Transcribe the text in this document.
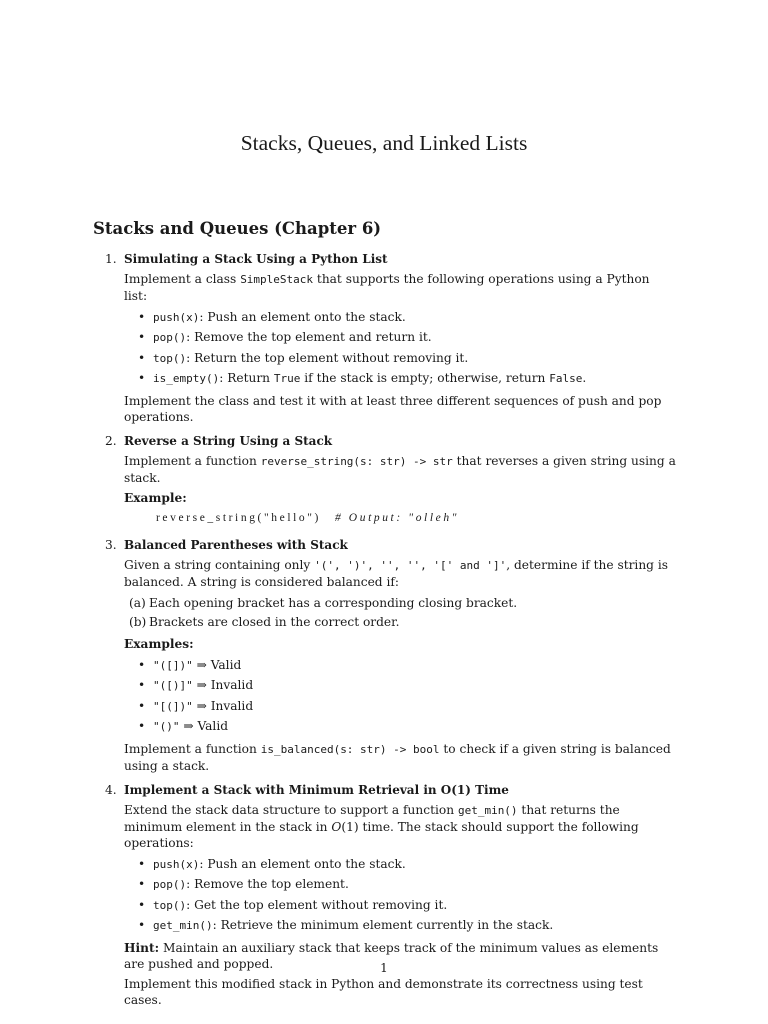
Stacks, Queues, and Linked Lists
Stacks and Queues (Chapter 6)
1. Simulating a Stack Using a Python List

Implement a class SimpleStack that supports the following operations using a Python list:

• push(x): Push an element onto the stack.
• pop(): Remove the top element and return it.
• top(): Return the top element without removing it.
• is_empty(): Return True if the stack is empty; otherwise, return False.

Implement the class and test it with at least three different sequences of push and pop operations.

2. Reverse a String Using a Stack

Implement a function reverse_string(s: str) -> str that reverses a given string using a stack.

Example:

reverse_string("hello") # Output: "olleh"
3. Balanced Parentheses with Stack

Given a string containing only '(', ')', '', '', '[' and ']', determine if the string is balanced. A string is considered balanced if:

(a) Each opening bracket has a corresponding closing bracket.
(b) Brackets are closed in the correct order.

Examples:

• "([])" ⇒ Valid
• "([)]" ⇒ Invalid
• "[(])" ⇒ Invalid
• "()" ⇒ Valid

Implement a function is_balanced(s: str) -> bool to check if a given string is balanced using a stack.

4. Implement a Stack with Minimum Retrieval in O(1) Time

Extend the stack data structure to support a function get_min() that returns the minimum element in the stack in O(1) time. The stack should support the following operations:

• push(x): Push an element onto the stack.
• pop(): Remove the top element.
• top(): Get the top element without removing it.
• get_min(): Retrieve the minimum element currently in the stack.

Hint: Maintain an auxiliary stack that keeps track of the minimum values as elements are pushed and popped.

Implement this modified stack in Python and demonstrate its correctness using test cases.

1
